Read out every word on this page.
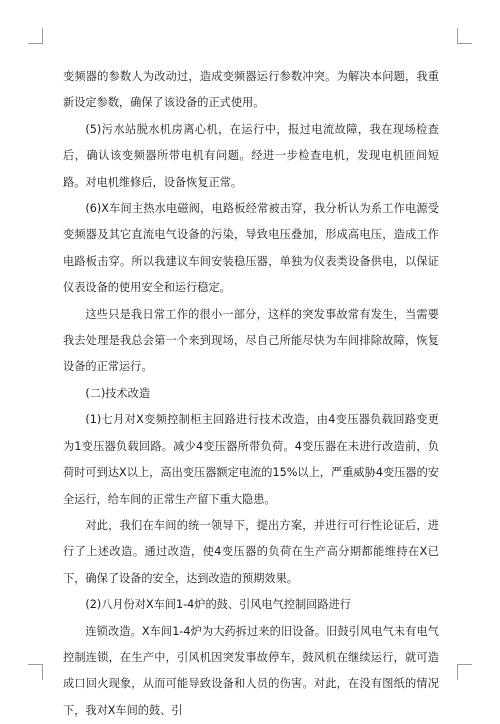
变频器的参数人为改动过，造成变频器运行参数冲突。为解决本问题，我重新设定参数，确保了该设备的正式使用。

(5)污水站脱水机房离心机，在运行中，报过电流故障，我在现场检查后，确认该变频器所带电机有问题。经进一步检查电机，发现电机匝间短路。对电机维修后，设备恢复正常。

(6)X车间主热水电磁阀，电路板经常被击穿，我分析认为系工作电源受变频器及其它直流电气设备的污染，导致电压叠加，形成高电压，造成工作电路板击穿。所以我建议车间安装稳压器，单独为仪表类设备供电，以保证仪表设备的使用安全和运行稳定。

这些只是我日常工作的很小一部分，这样的突发事故常有发生，当需要我去处理是我总会第一个来到现场，尽自己所能尽快为车间排除故障，恢复设备的正常运行。

(二)技术改造

(1)七月对X变频控制柜主回路进行技术改造，由4变压器负载回路变更为1变压器负载回路。减少4变压器所带负荷。4变压器在未进行改造前，负荷时可到达X以上，高出变压器额定电流的15%以上，严重威胁4变压器的安全运行，给车间的正常生产留下重大隐患。

对此，我们在车间的统一领导下，提出方案，并进行可行性论证后，进行了上述改造。通过改造，使4变压器的负荷在生产高分期都能维持在X已下，确保了设备的安全，达到改造的预期效果。

(2)八月份对X车间1-4炉的鼓、引风电气控制回路进行

连锁改造。X车间1-4炉为大药拆过来的旧设备。旧鼓引风电气未有电气控制连锁，在生产中，引风机因突发事故停车，鼓风机在继续运行，就可造成口回火现象，从而可能导致设备和人员的伤害。对此，在没有图纸的情况下，我对X车间的鼓、引
